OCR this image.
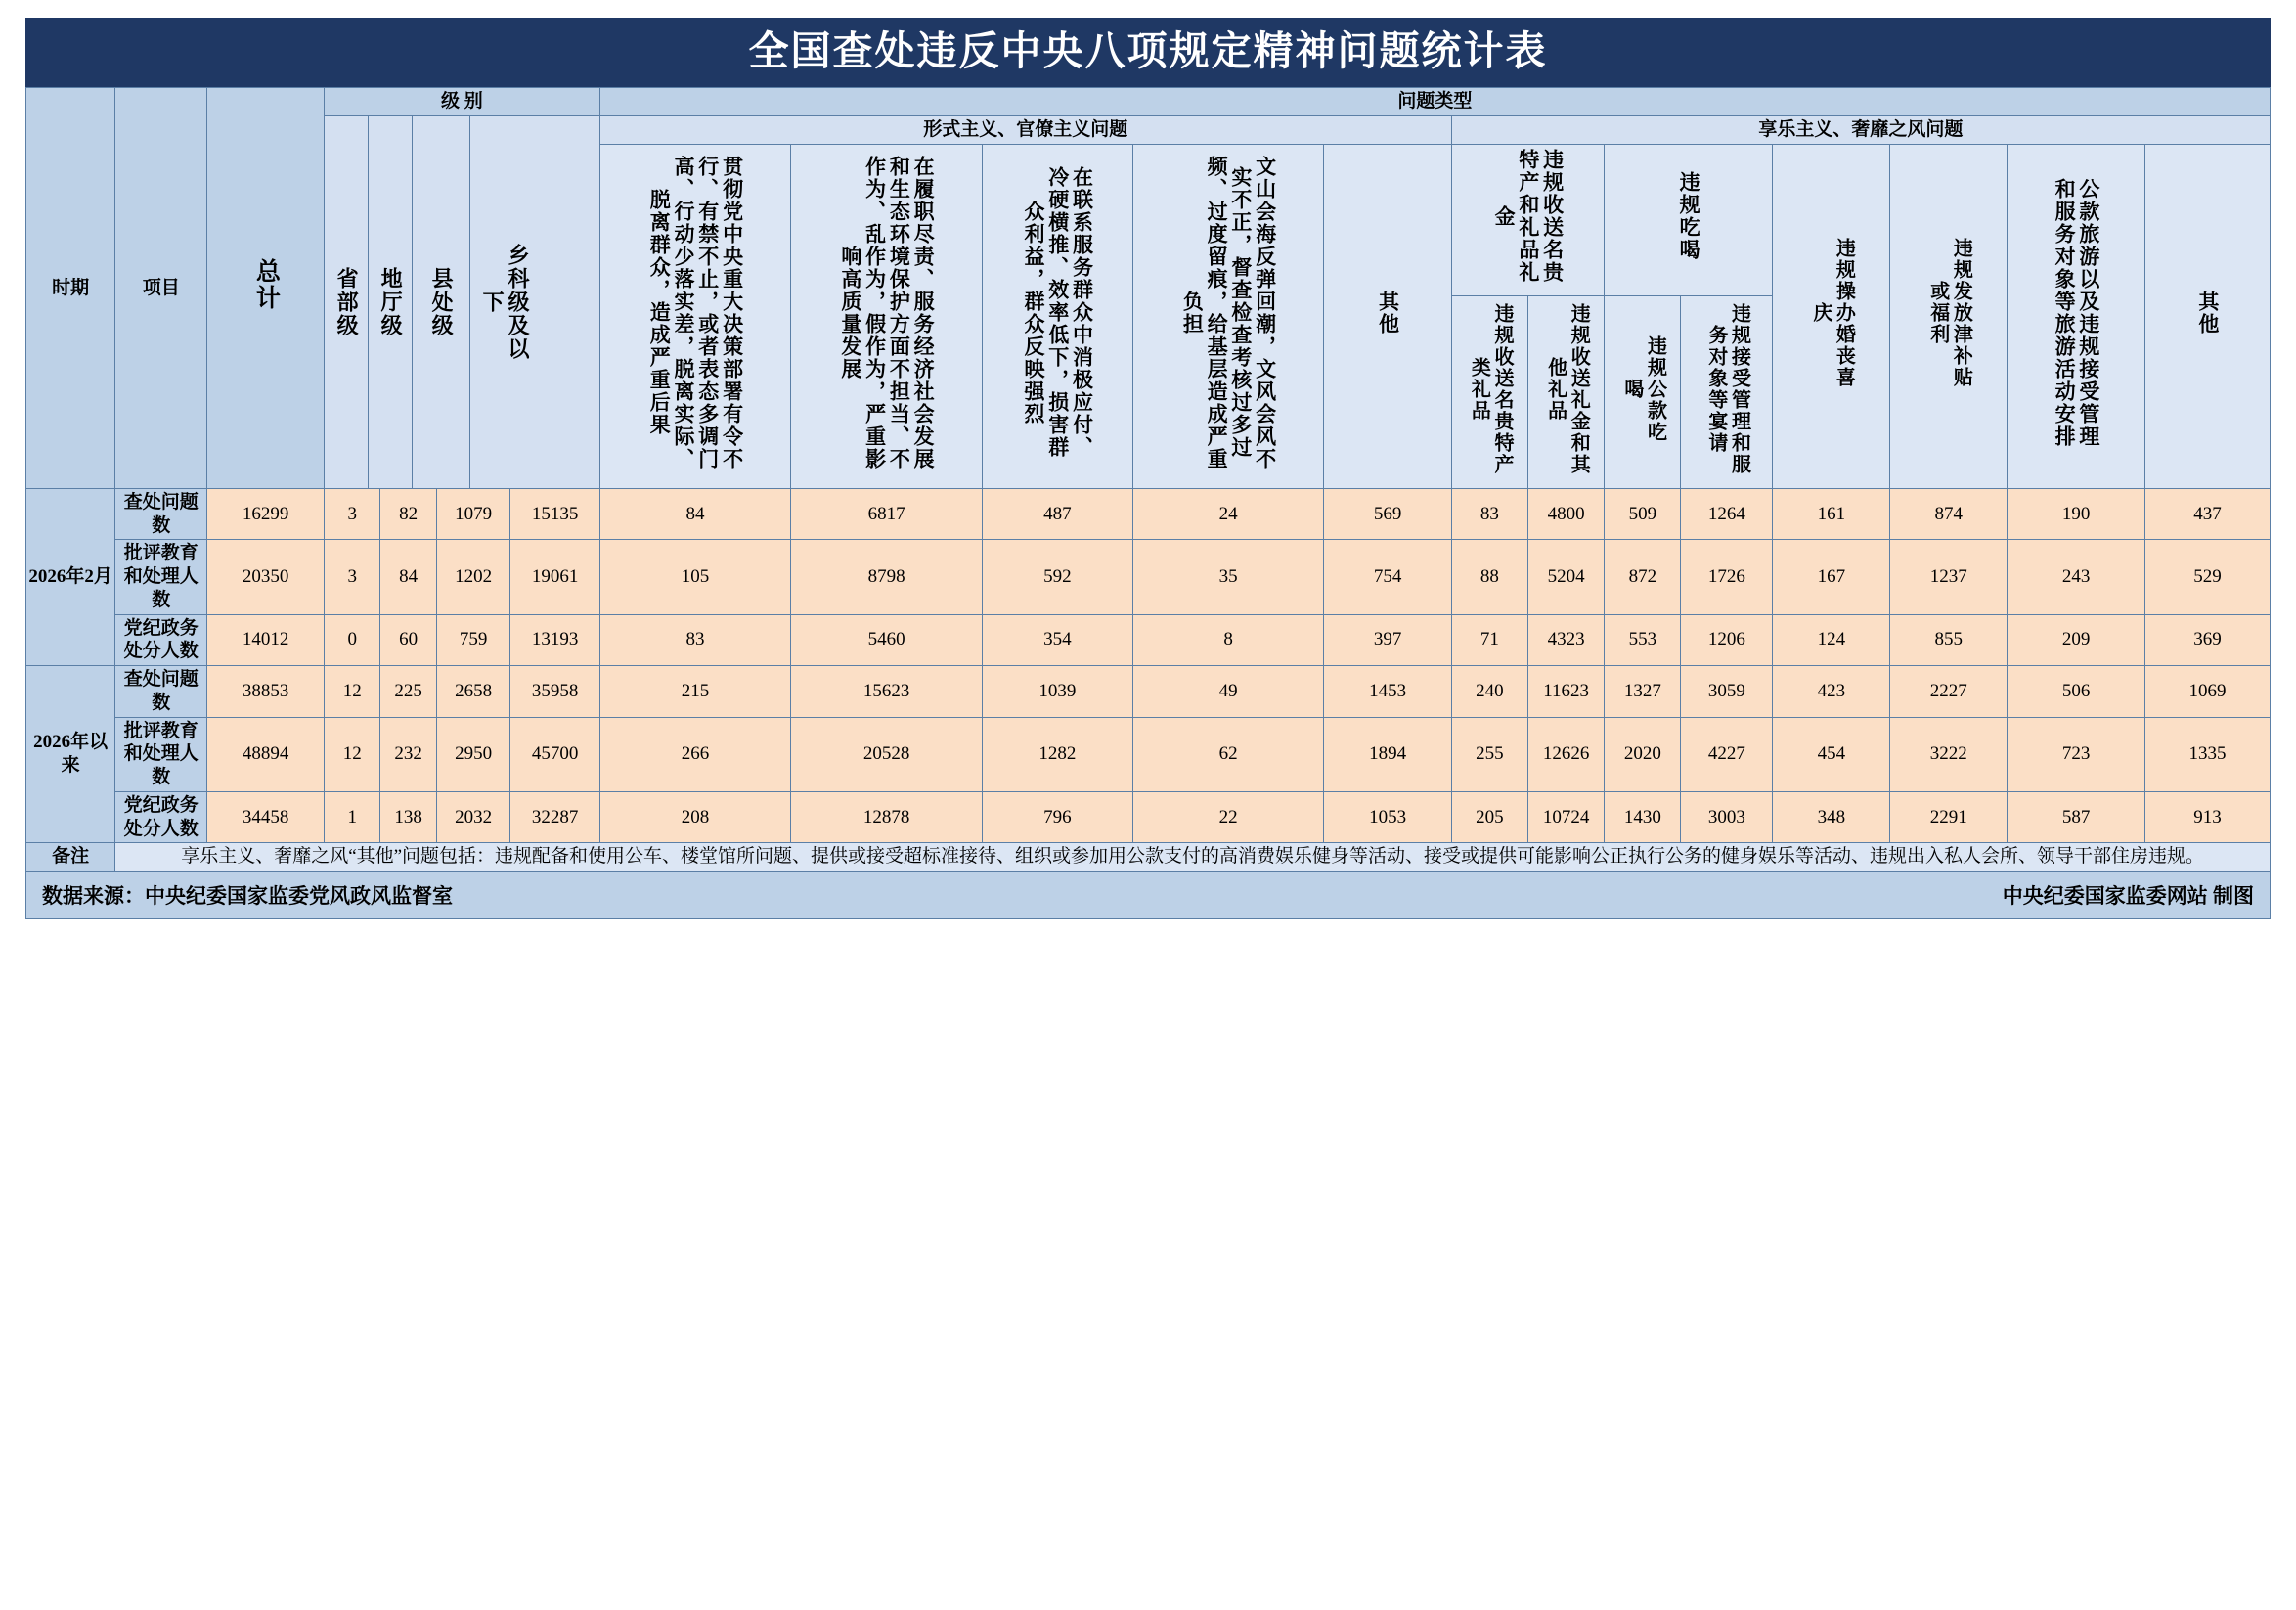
全国查处违反中央八项规定精神问题统计表
时期	项目	总计	级 别				问题类型												

			省部级 地厅级 县处级 乡科级及以下				形式主义、官僚主义问题					享乐主义、奢靡之风问题							
							贯彻党中央重大决策部署有令不行、有禁不止，或者表态多调门高、行动少落实差，脱离实际、脱离群众，造成严重后果	在履职尽责、服务经济社会发展和生态环境保护方面不担当、不作为、乱作为，假作为，严重影响高质量发展	在联系服务群众中消极应付、冷硬横推、效率低下，损害群众利益，群众反映强烈	文山会海反弹回潮，文风会风不实不正，督查检查考核过多过频、过度留痕，给基层造成严重负担	其他	违规收送名贵特产和礼品礼金		违规吃喝		违规操办婚丧喜庆	违规发放津补贴或福利	公款旅游以及违规接受管理和服务对象等旅游活动安排	其他
												违规收送名贵特产类礼品	违规收送礼金和其他礼品	违规公款吃喝	违规接受管理和服务对象等宴请				
2026年2月	查处问题数	16299	3	82	1079	15135	84	6817	487	24	569	83	4800	509	1264	161	874	190	437
	批评教育和处理人数	20350	3	84	1202	19061	105	8798	592	35	754	88	5204	872	1726	167	1237	243	529
	党纪政务处分人数	14012	0	60	759	13193	83	5460	354	8	397	71	4323	553	1206	124	855	209	369
2026年以来	查处问题数	38853	12	225	2658	35958	215	15623	1039	49	1453	240	11623	1327	3059	423	2227	506	1069
	批评教育和处理人数	48894	12	232	2950	45700	266	20528	1282	62	1894	255	12626	2020	4227	454	3222	723	1335
	党纪政务处分人数	34458	1	138	2032	32287	208	12878	796	22	1053	205	10724	1430	3003	348	2291	587	913
备注	享乐主义、奢靡之风“其他”问题包括：违规配备和使用公车、楼堂馆所问题、提供或接受超标准接待、组织或参加用公款支付的高消费娱乐健身等活动、接受或提供可能影响公正执行公务的健身娱乐等活动、违规出入私人会所、领导干部住房违规。																		
数据来源：中央纪委国家监委党风政风监督室	中央纪委国家监委网站 制图
